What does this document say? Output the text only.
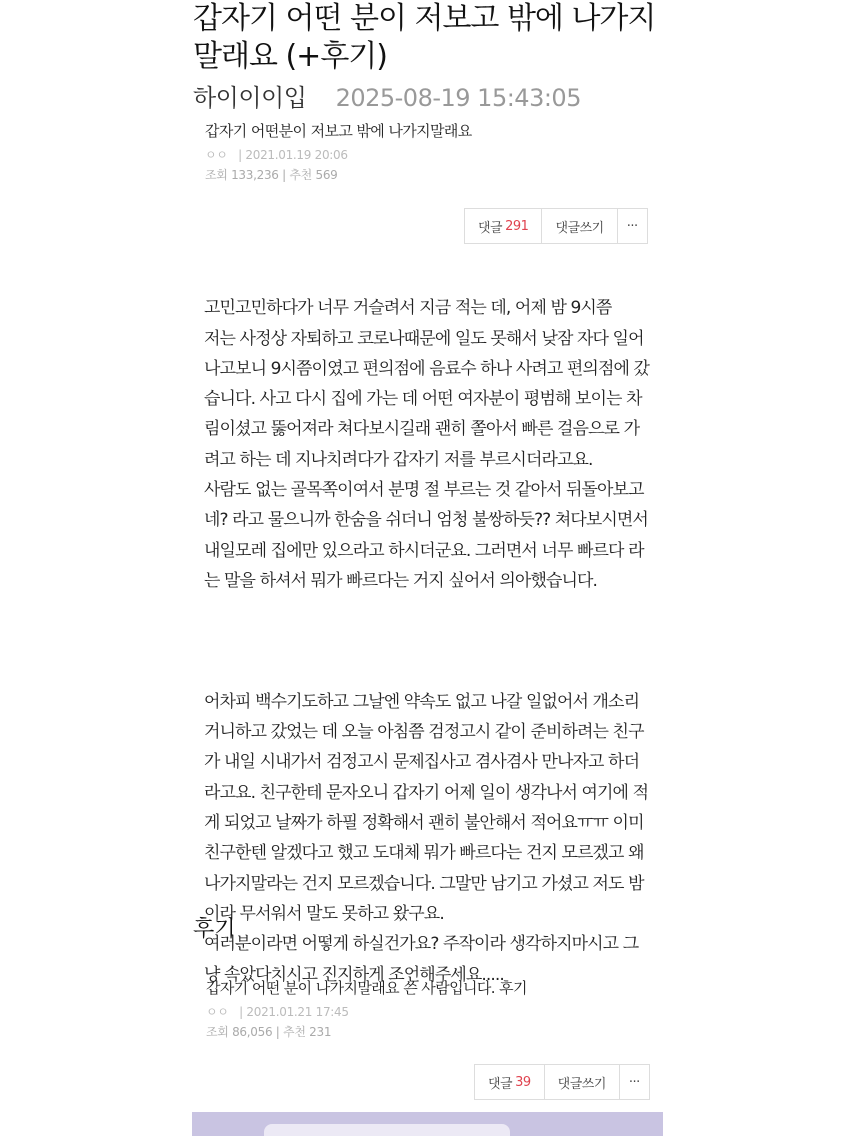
갑자기 어떤 분이 저보고 밖에 나가지
말래요 (+후기)
하이이이입 2025-08-19 15:43:05
갑자기 어떤분이 저보고 밖에 나가지말래요
ㅇㅇ | 2021.01.19 20:06
조회 133,236 | 추천 569
댓글 291	댓글쓰기	···

고민고민하다가 너무 거슬려서 지금 적는 데, 어제 밤 9시쯤

저는 사정상 자퇴하고 코로나때문에 일도 못해서 낮잠 자다 일어

나고보니 9시쯤이였고 편의점에 음료수 하나 사려고 편의점에 갔

습니다. 사고 다시 집에 가는 데 어떤 여자분이 평범해 보이는 차

림이셨고 뚫어져라 쳐다보시길래 괜히 쫄아서 빠른 걸음으로 가

려고 하는 데 지나치려다가 갑자기 저를 부르시더라고요.

사람도 없는 골목쪽이여서 분명 절 부르는 것 같아서 뒤돌아보고

네? 라고 물으니까 한숨을 쉬더니 엄청 불쌍하듯?? 쳐다보시면서

내일모레 집에만 있으라고 하시더군요. 그러면서 너무 빠르다 라

는 말을 하셔서 뭐가 빠르다는 거지 싶어서 의아했습니다.

어차피 백수기도하고 그날엔 약속도 없고 나갈 일없어서 개소리

거니하고 갔었는 데 오늘 아침쯤 검정고시 같이 준비하려는 친구

가 내일 시내가서 검정고시 문제집사고 겸사겸사 만나자고 하더

라고요. 친구한테 문자오니 갑자기 어제 일이 생각나서 여기에 적

게 되었고 날짜가 하필 정확해서 괜히 불안해서 적어요ㅠㅠ 이미

친구한텐 알겠다고 했고 도대체 뭐가 빠르다는 건지 모르겠고 왜

나가지말라는 건지 모르겠습니다. 그말만 남기고 가셨고 저도 밤

이라 무서워서 말도 못하고 왔구요.

여러분이라면 어떻게 하실건가요? 주작이라 생각하지마시고 그

냥 속았다치시고 진지하게 조언해주세요.....

후기
갑자기 어떤 분이 나가지말래요 쓴 사람입니다. 후기
ㅇㅇ | 2021.01.21 17:45
조회 86,056 | 추천 231
댓글 39	댓글쓰기	···
